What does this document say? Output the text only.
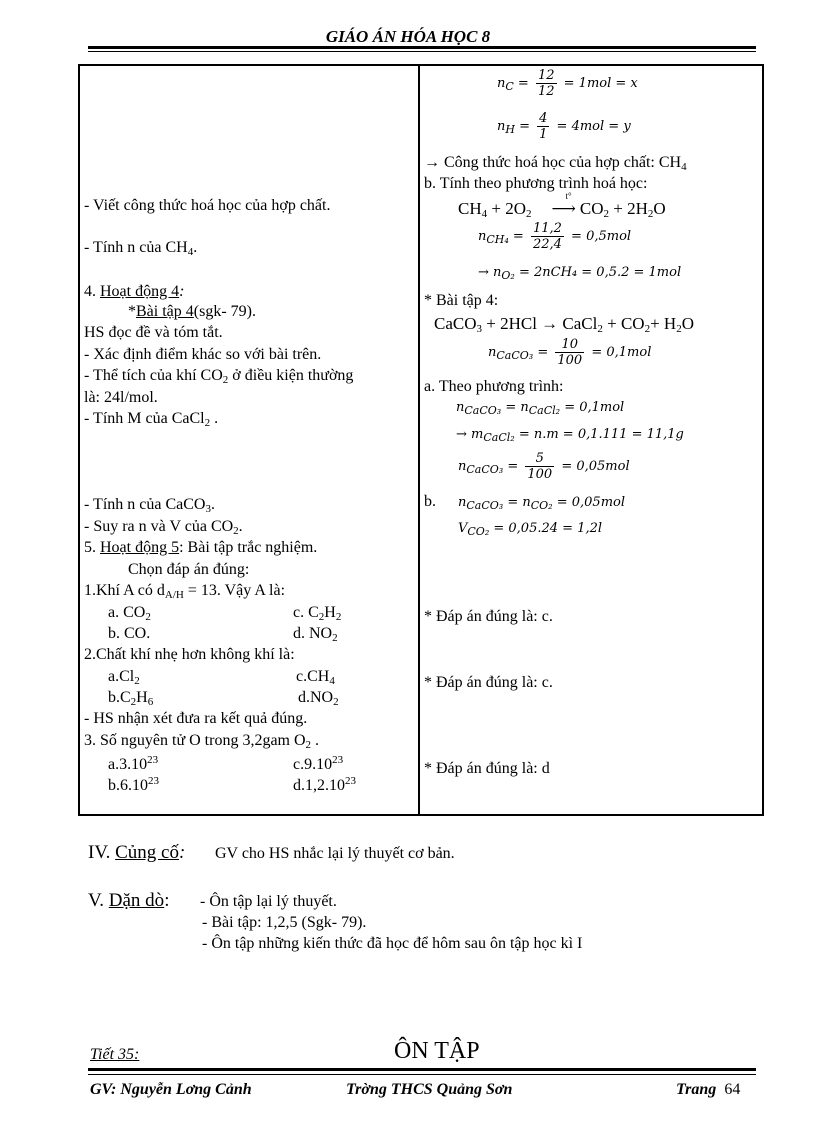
GIÁO ÁN HÓA HỌC 8
- Viết công thức hoá học của hợp chất.
- Tính n của $CH_4$.
4. Hoạt động 4:
*Bài tập 4(sgk- 79).
HS đọc đề và tóm tắt.
- Xác định điểm khác so với bài trên.
- Thể tích của khí $CO_2$ ở điều kiện thường
là: 24l/mol.
- Tính M của CaCl$_2$ .
- Tính n của CaCO$_3$.
- Suy ra n và V của $CO_2$.
5. Hoạt động 5: Bài tập trắc nghiệm.
Chọn đáp án đúng:
1.Khí A có $d_{A/H} = 13$. Vậy A là:
a. $CO_2$	c. $C_2H_2$
b. CO.	d. $NO_2$
2.Chất khí nhẹ hơn không khí là:
$a.Cl_2$	$c.CH_4$
$b.C_2H_6$	$d.NO_2$
- HS nhận xét đưa ra kết quả đúng.
3. Số nguyên tử O trong 3,2gam $O_2$ .
a.3.10$^{23}$	c.9.10$^{23}$
b.6.10$^{23}$	d.1,2.10$^{23}$
$n_C = \frac{12}{12} = 1mol = x$
$n_H = \frac{4}{1} = 4mol = y$
→ Công thức hoá học của hợp chất: $CH_4$
b. Tính theo phương trình hoá học:
$CH_4 + 2O_2$
t°
⟶ $CO_2 + 2H_2O$
$n_{CH_4} = \frac{11,2}{22,4} = 0,5mol$
→ $n_{O_2} = 2nCH_4 = 0,5.2 = 1mol$
* Bài tập 4:
CaCO$_3$ + 2HCl → CaCl$_2$ + $CO_2+ H_2O$
$n_{CaCO_3} = \frac{10}{100} = 0,1mol$
a. Theo phương trình:
$n_{CaCO_3} = n_{CaCl_2} = 0,1mol$
→ $m_{CaCl_2} = n.m = 0,1.111 = 11,1g$
$n_{CaCO_3} = \frac{5}{100} = 0,05mol$
b. $n_{CaCO_3} = n_{CO_2} = 0,05mol$
$V_{CO_2} = 0,05.24 = 1,2l$
* Đáp án đúng là: c.
* Đáp án đúng là: c.
* Đáp án đúng là: d
IV. Củng cố: GV cho HS nhắc lại lý thuyết cơ bản.
V. Dặn dò: - Ôn tập lại lý thuyết.
- Bài tập: 1,2,5 (Sgk- 79).
- Ôn tập những kiến thức đã học để hôm sau ôn tập học kì I
Tiết 35:	ÔN TẬP
GV: Nguyễn Lơng Cảnh	Trờng THCS Quảng Sơn	Trang 64
